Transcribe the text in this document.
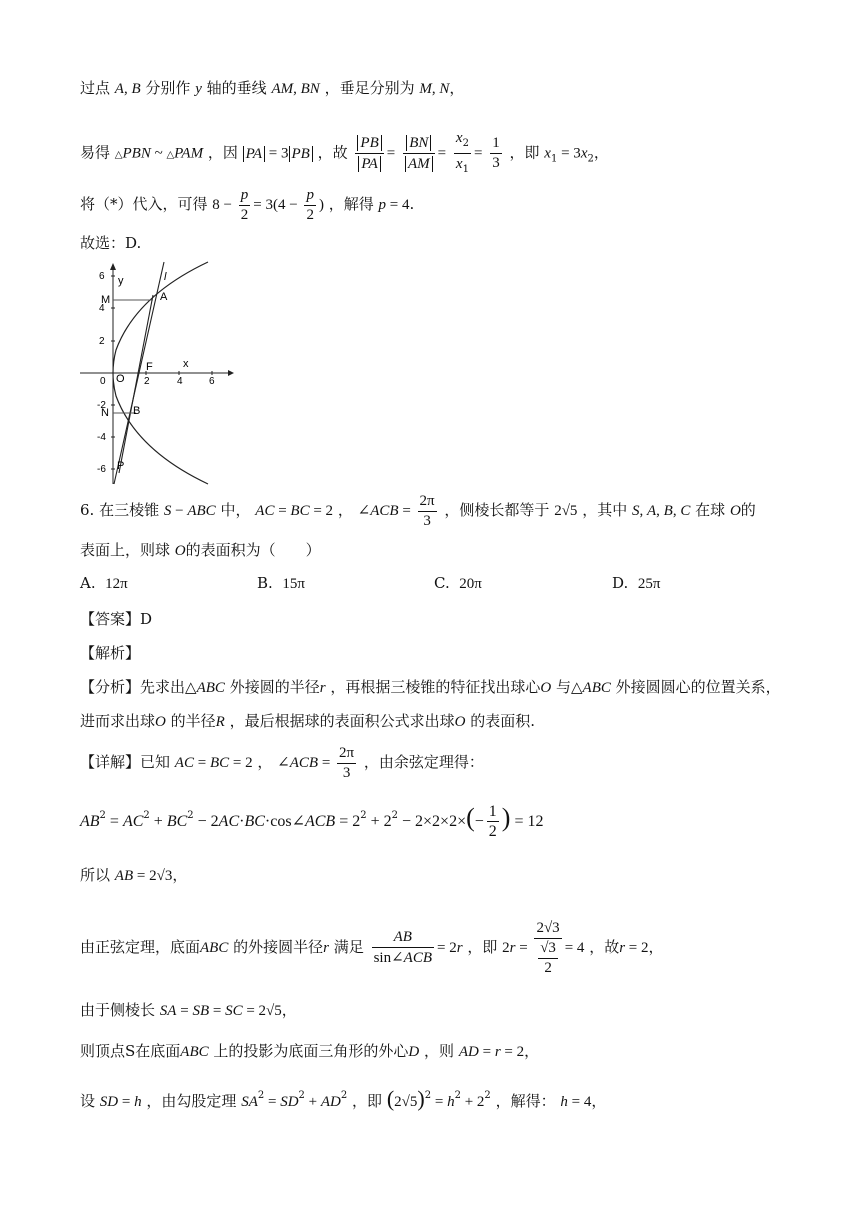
过点 A, B 分别作 y 轴的垂线 AM, BN ，垂足分别为 M, N，
易得 △PBN ~ △PAM ，因 PA = 3 PB ，故 $\frac{PB}{PA} = \frac{BN}{AM} = \frac{x_2}{x_1} = \frac{1}{3}$ ，即 $x_1 = 3x_2$，
将（*）代入，可得 $8 - \frac{p}{2} = 3(4 - \frac{p}{2}$ ) ，解得 p = 4.
故选：D.
6
4
2
-2
-4
-6
0	2	4	6
y
x
l
M	A
F
O
N B
P
6. 在三棱锥 S − ABC 中， AC = BC = 2 ， ∠ACB = $\frac{2\pi}{3}$ ，侧棱长都等于 2√5 ，其中 S, A, B, C 在球 O的
表面上，则球 O的表面积为（　　）
A. 12π	B. 15π	C. 20π	D. 25π
【答案】D
【解析】
【分析】先求出△ABC 外接圆的半径r ，再根据三棱锥的特征找出球心O 与△ABC 外接圆圆心的位置关系，
进而求出球O 的半径R ，最后根据球的表面积公式求出球O 的表面积.
【详解】已知 AC = BC = 2 ， ∠ACB = $\frac{2\pi}{3}$ ，由余弦定理得：
$AB^2 = AC^2 + BC^2$ − 2AC·BC·cos∠ACB = $2^2 + 2^2 - 2\times 2\times 2\times(- \frac{1}{2}$ ) = 12
所以 AB = 2√3，
由正弦定理，底面ABC 的外接圆半径r 满足 $\frac{AB}{\text{sin∠ACB}} = 2r$ ，即 $2r = \frac{2√3}{\frac{√3}{2}} = 4$ ，故r = 2，
由于侧棱长 SA = SB = SC = 2√5，
则顶点S在底面ABC 上的投影为底面三角形的外心D ，则 AD = r = 2，
设 SD = h ，由勾股定理 $SA^2 = SD^2 + AD^2$ ，即 $(2√5)^2 = h^2 + 2^2$ ，解得： h = 4，
